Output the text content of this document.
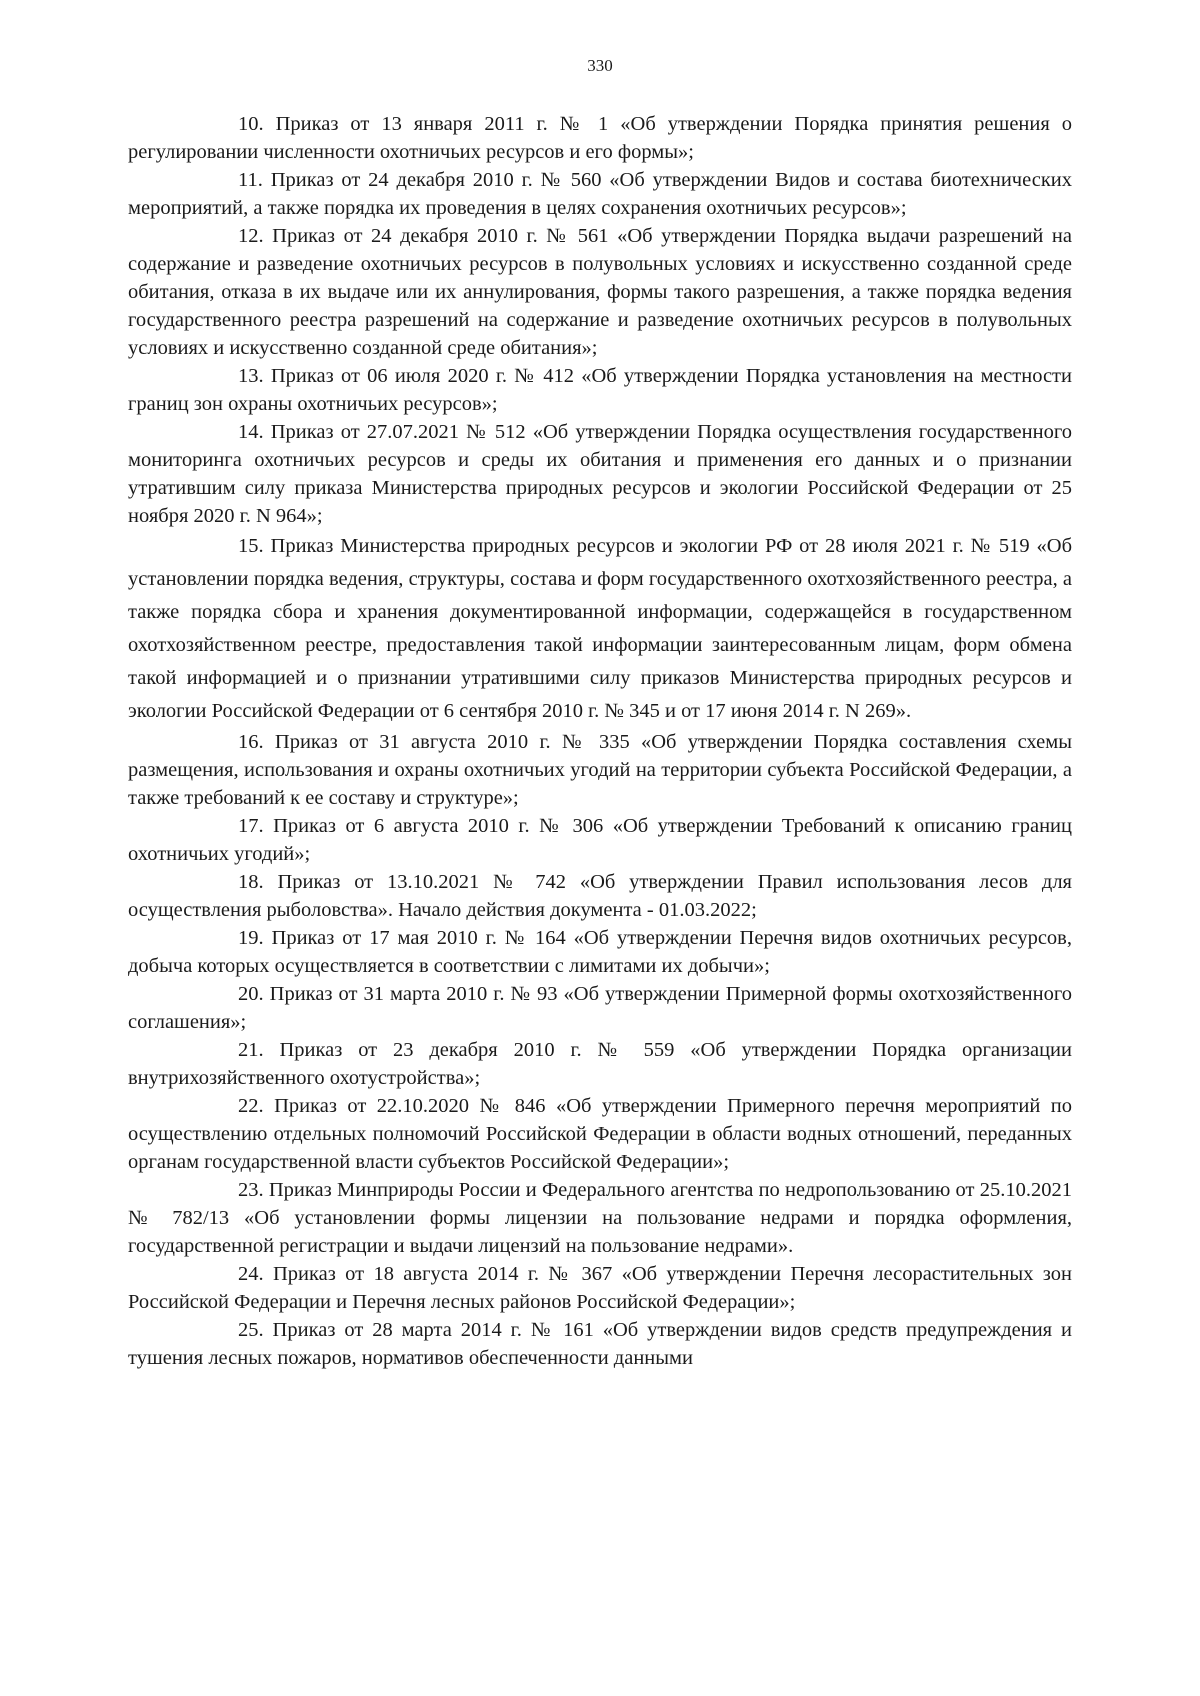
330

10. Приказ от 13 января 2011 г. № 1 «Об утверждении Порядка принятия решения о регулировании численности охотничьих ресурсов и его формы»;

11. Приказ от 24 декабря 2010 г. № 560 «Об утверждении Видов и состава биотехнических мероприятий, а также порядка их проведения в целях сохранения охотничьих ресурсов»;

12. Приказ от 24 декабря 2010 г. № 561 «Об утверждении Порядка выдачи разрешений на содержание и разведение охотничьих ресурсов в полувольных условиях и искусственно созданной среде обитания, отказа в их выдаче или их аннулирования, формы такого разрешения, а также порядка ведения государственного реестра разрешений на содержание и разведение охотничьих ресурсов в полувольных условиях и искусственно созданной среде обитания»;

13. Приказ от 06 июля 2020 г. № 412 «Об утверждении Порядка установления на местности границ зон охраны охотничьих ресурсов»;

14. Приказ от 27.07.2021 № 512 «Об утверждении Порядка осуществления государственного мониторинга охотничьих ресурсов и среды их обитания и применения его данных и о признании утратившим силу приказа Министерства природных ресурсов и экологии Российской Федерации от 25 ноября 2020 г. N 964»;

15. Приказ Министерства природных ресурсов и экологии РФ от 28 июля 2021 г. № 519 «Об установлении порядка ведения, структуры, состава и форм государственного охотхозяйственного реестра, а также порядка сбора и хранения документированной информации, содержащейся в государственном охотхозяйственном реестре, предоставления такой информации заинтересованным лицам, форм обмена такой информацией и о признании утратившими силу приказов Министерства природных ресурсов и экологии Российской Федерации от 6 сентября 2010 г. № 345 и от 17 июня 2014 г. N 269».

16. Приказ от 31 августа 2010 г. № 335 «Об утверждении Порядка составления схемы размещения, использования и охраны охотничьих угодий на территории субъекта Российской Федерации, а также требований к ее составу и структуре»;

17. Приказ от 6 августа 2010 г. № 306 «Об утверждении Требований к описанию границ охотничьих угодий»;

18. Приказ от 13.10.2021 № 742 «Об утверждении Правил использования лесов для осуществления рыболовства». Начало действия документа - 01.03.2022;

19. Приказ от 17 мая 2010 г. № 164 «Об утверждении Перечня видов охотничьих ресурсов, добыча которых осуществляется в соответствии с лимитами их добычи»;

20. Приказ от 31 марта 2010 г. № 93 «Об утверждении Примерной формы охотхозяйственного соглашения»;

21. Приказ от 23 декабря 2010 г. № 559 «Об утверждении Порядка организации внутрихозяйственного охотустройства»;

22. Приказ от 22.10.2020 № 846 «Об утверждении Примерного перечня мероприятий по осуществлению отдельных полномочий Российской Федерации в области водных отношений, переданных органам государственной власти субъектов Российской Федерации»;

23. Приказ Минприроды России и Федерального агентства по недропользованию от 25.10.2021 № 782/13 «Об установлении формы лицензии на пользование недрами и порядка оформления, государственной регистрации и выдачи лицензий на пользование недрами».

24. Приказ от 18 августа 2014 г. № 367 «Об утверждении Перечня лесорастительных зон Российской Федерации и Перечня лесных районов Российской Федерации»;

25. Приказ от 28 марта 2014 г. № 161 «Об утверждении видов средств предупреждения и тушения лесных пожаров, нормативов обеспеченности данными
